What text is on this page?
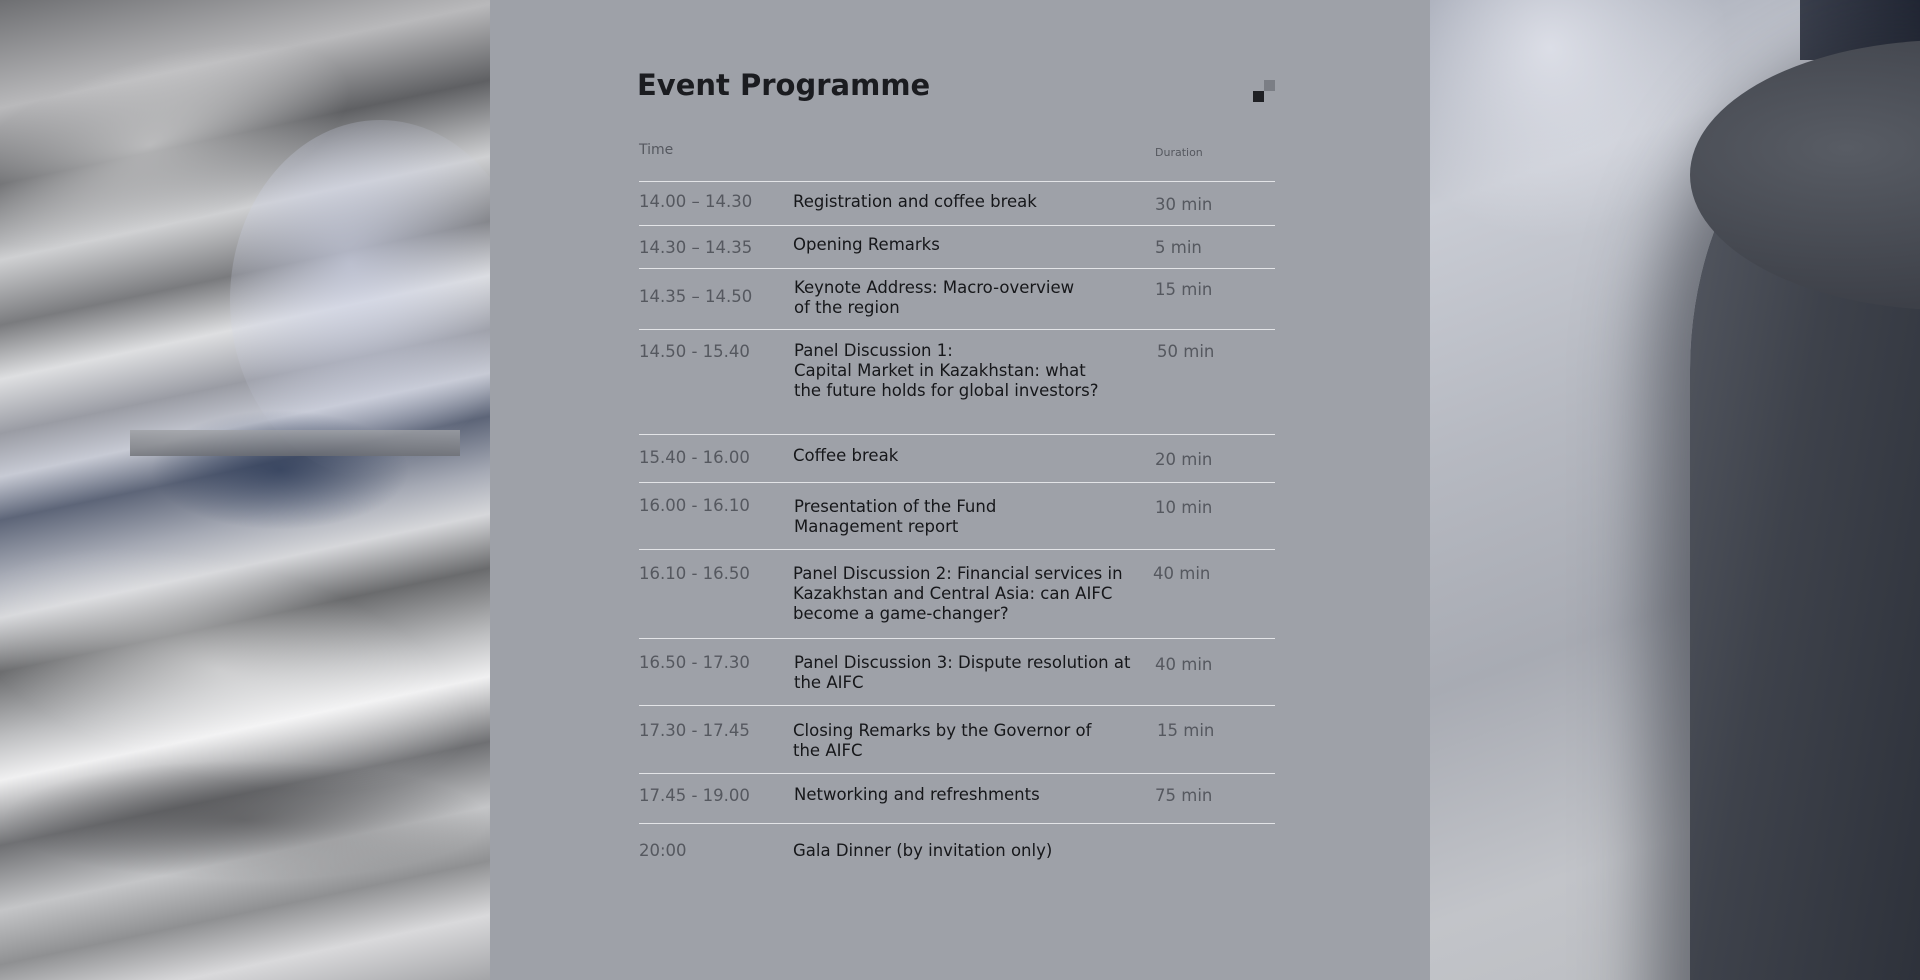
Event Programme
Time	Duration
14.00 – 14.30 Registration and coffee break	30 min
14.30 – 14.35 Opening Remarks	5 min
14.35 – 14.50	Keynote Address: Macro-overview
of the region
15 min
14.50 - 15.40	Panel Discussion 1:
Capital Market in Kazakhstan: what
the future holds for global investors?
50 min
15.40 - 16.00	Coffee break	20 min
16.00 - 16.10	Presentation of the Fund
Management report
10 min
16.10 - 16.50	Panel Discussion 2: Financial services in
Kazakhstan and Central Asia: can AIFC
become a game-changer?
40 min
16.50 - 17.30	Panel Discussion 3: Dispute resolution at
the AIFC
40 min
17.30 - 17.45	Closing Remarks by the Governor of
the AIFC
15 min
17.45 - 19.00	Networking and refreshments	75 min
20:00	Gala Dinner (by invitation only)
